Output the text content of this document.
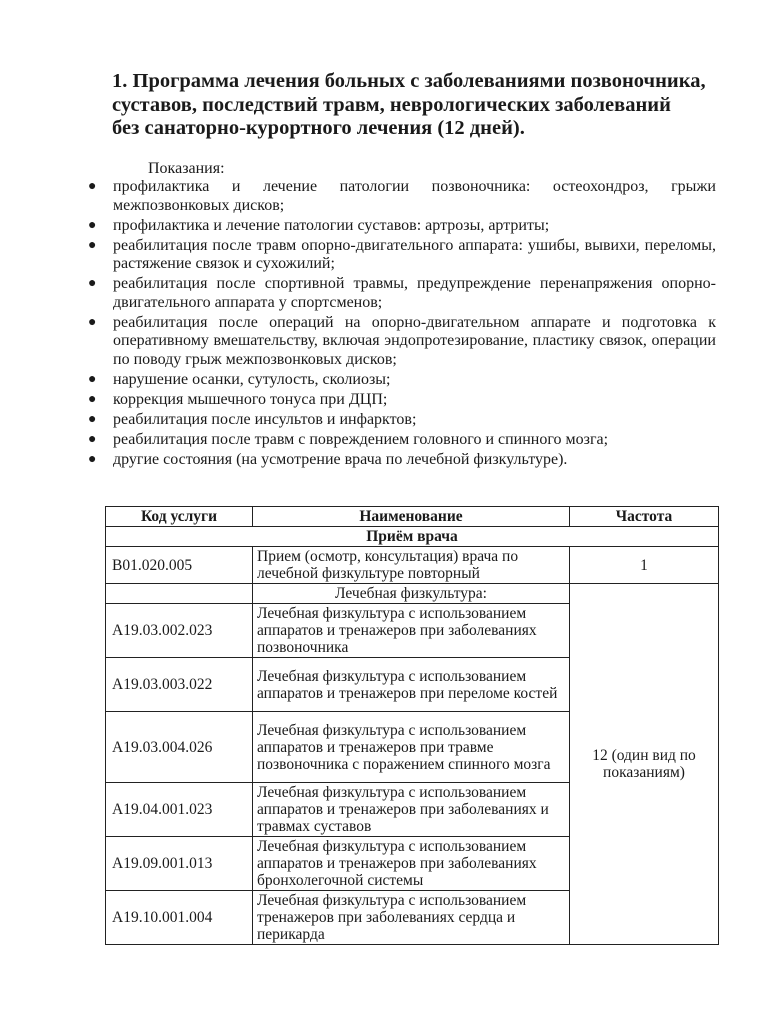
1. Программа лечения больных с заболеваниями позвоночника,
суставов, последствий травм, неврологических заболеваний
без санаторно-курортного лечения (12 дней).
Показания:
● профилактика и лечение патологии позвоночника: остеохондроз, грыжи межпозвонковых дисков;
● профилактика и лечение патологии суставов: артрозы, артриты;
● реабилитация после травм опорно-двигательного аппарата: ушибы, вывихи, переломы, растяжение связок и сухожилий;
● реабилитация после спортивной травмы, предупреждение перенапряжения опорно-двигательного аппарата у спортсменов;
● реабилитация после операций на опорно-двигательном аппарате и подготовка к оперативному вмешательству, включая эндопротезирование, пластику связок, операции по поводу грыж межпозвонковых дисков;
● нарушение осанки, сутулость, сколиозы;
● коррекция мышечного тонуса при ДЦП;
● реабилитация после инсультов и инфарктов;
● реабилитация после травм с повреждением головного и спинного мозга;
● другие состояния (на усмотрение врача по лечебной физкультуре).
Код услуги	Наименование	Частота
Приём врача		
B01.020.005	Прием (осмотр, консультация) врача по лечебной физкультуре повторный	1
	Лечебная физкультура:	12 (один вид по показаниям)
A19.03.002.023	Лечебная физкультура с использованием аппаратов и тренажеров при заболеваниях позвоночника	
A19.03.003.022	Лечебная физкультура с использованием аппаратов и тренажеров при переломе костей	
A19.03.004.026	Лечебная физкультура с использованием аппаратов и тренажеров при травме позвоночника с поражением спинного мозга	
A19.04.001.023	Лечебная физкультура с использованием аппаратов и тренажеров при заболеваниях и травмах суставов	
A19.09.001.013	Лечебная физкультура с использованием аппаратов и тренажеров при заболеваниях бронхолегочной системы	
A19.10.001.004	Лечебная физкультура с использованием тренажеров при заболеваниях сердца и перикарда	
